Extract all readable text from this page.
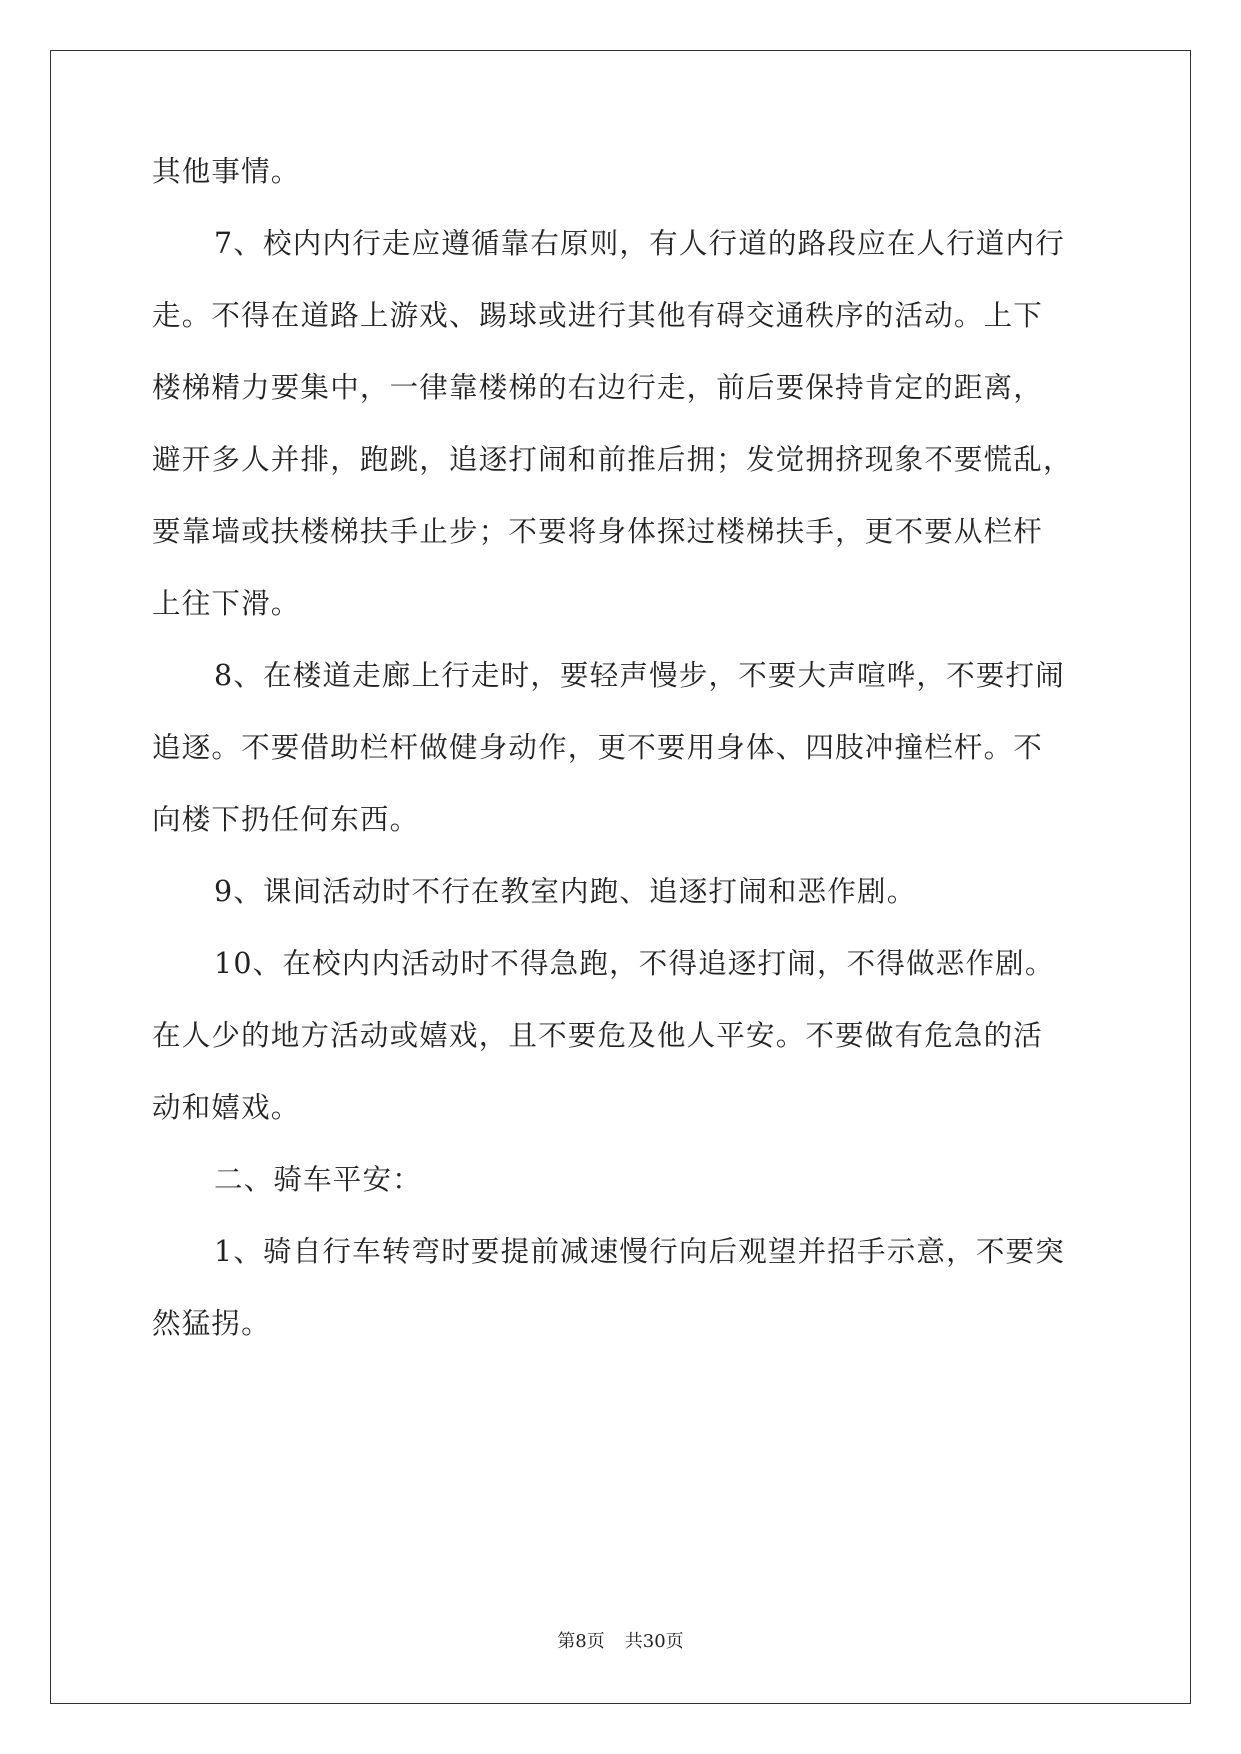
其他事情。
7、校内内行走应遵循靠右原则，有人行道的路段应在人行道内行
走。不得在道路上游戏、踢球或进行其他有碍交通秩序的活动。上下
楼梯精力要集中，一律靠楼梯的右边行走，前后要保持肯定的距离，
避开多人并排，跑跳，追逐打闹和前推后拥；发觉拥挤现象不要慌乱，
要靠墙或扶楼梯扶手止步；不要将身体探过楼梯扶手，更不要从栏杆
上往下滑。
8、在楼道走廊上行走时，要轻声慢步，不要大声喧哗，不要打闹
追逐。不要借助栏杆做健身动作，更不要用身体、四肢冲撞栏杆。不
向楼下扔任何东西。
9、课间活动时不行在教室内跑、追逐打闹和恶作剧。
10、在校内内活动时不得急跑，不得追逐打闹，不得做恶作剧。
在人少的地方活动或嬉戏，且不要危及他人平安。不要做有危急的活
动和嬉戏。
二、骑车平安：
1、骑自行车转弯时要提前减速慢行向后观望并招手示意，不要突
然猛拐。
第8页 共30页
